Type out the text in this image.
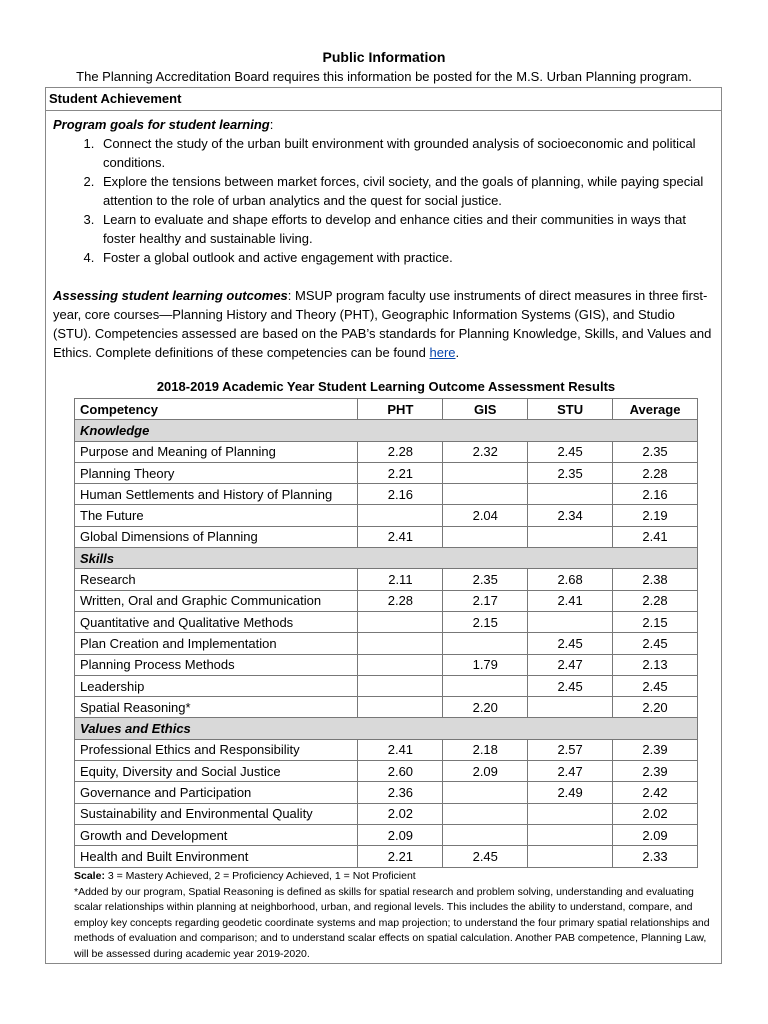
Public Information
The Planning Accreditation Board requires this information be posted for the M.S. Urban Planning program.
Student Achievement
Program goals for student learning:
1. Connect the study of the urban built environment with grounded analysis of socioeconomic and political conditions.
2. Explore the tensions between market forces, civil society, and the goals of planning, while paying special attention to the role of urban analytics and the quest for social justice.
3. Learn to evaluate and shape efforts to develop and enhance cities and their communities in ways that foster healthy and sustainable living.
4. Foster a global outlook and active engagement with practice.
Assessing student learning outcomes: MSUP program faculty use instruments of direct measures in three first-year, core courses—Planning History and Theory (PHT), Geographic Information Systems (GIS), and Studio (STU). Competencies assessed are based on the PAB’s standards for Planning Knowledge, Skills, and Values and Ethics. Complete definitions of these competencies can be found here.
2018-2019 Academic Year Student Learning Outcome Assessment Results
Competency	PHT	GIS	STU	Average
Knowledge				
Purpose and Meaning of Planning	2.28	2.32	2.45	2.35
Planning Theory	2.21		2.35	2.28
Human Settlements and History of Planning	2.16			2.16
The Future		2.04	2.34	2.19
Global Dimensions of Planning	2.41			2.41
Skills				
Research	2.11	2.35	2.68	2.38
Written, Oral and Graphic Communication	2.28	2.17	2.41	2.28
Quantitative and Qualitative Methods		2.15		2.15
Plan Creation and Implementation			2.45	2.45
Planning Process Methods		1.79	2.47	2.13
Leadership			2.45	2.45
Spatial Reasoning*		2.20		2.20
Values and Ethics				
Professional Ethics and Responsibility	2.41	2.18	2.57	2.39
Equity, Diversity and Social Justice	2.60	2.09	2.47	2.39
Governance and Participation	2.36		2.49	2.42
Sustainability and Environmental Quality	2.02			2.02
Growth and Development	2.09			2.09
Health and Built Environment	2.21	2.45		2.33
Scale: 3 = Mastery Achieved, 2 = Proficiency Achieved, 1 = Not Proficient
*Added by our program, Spatial Reasoning is defined as skills for spatial research and problem solving, understanding and evaluating scalar relationships within planning at neighborhood, urban, and regional levels. This includes the ability to understand, compare, and employ key concepts regarding geodetic coordinate systems and map projection; to understand the four primary spatial relationships and methods of evaluation and comparison; and to understand scalar effects on spatial calculation. Another PAB competence, Planning Law, will be assessed during academic year 2019-2020.
